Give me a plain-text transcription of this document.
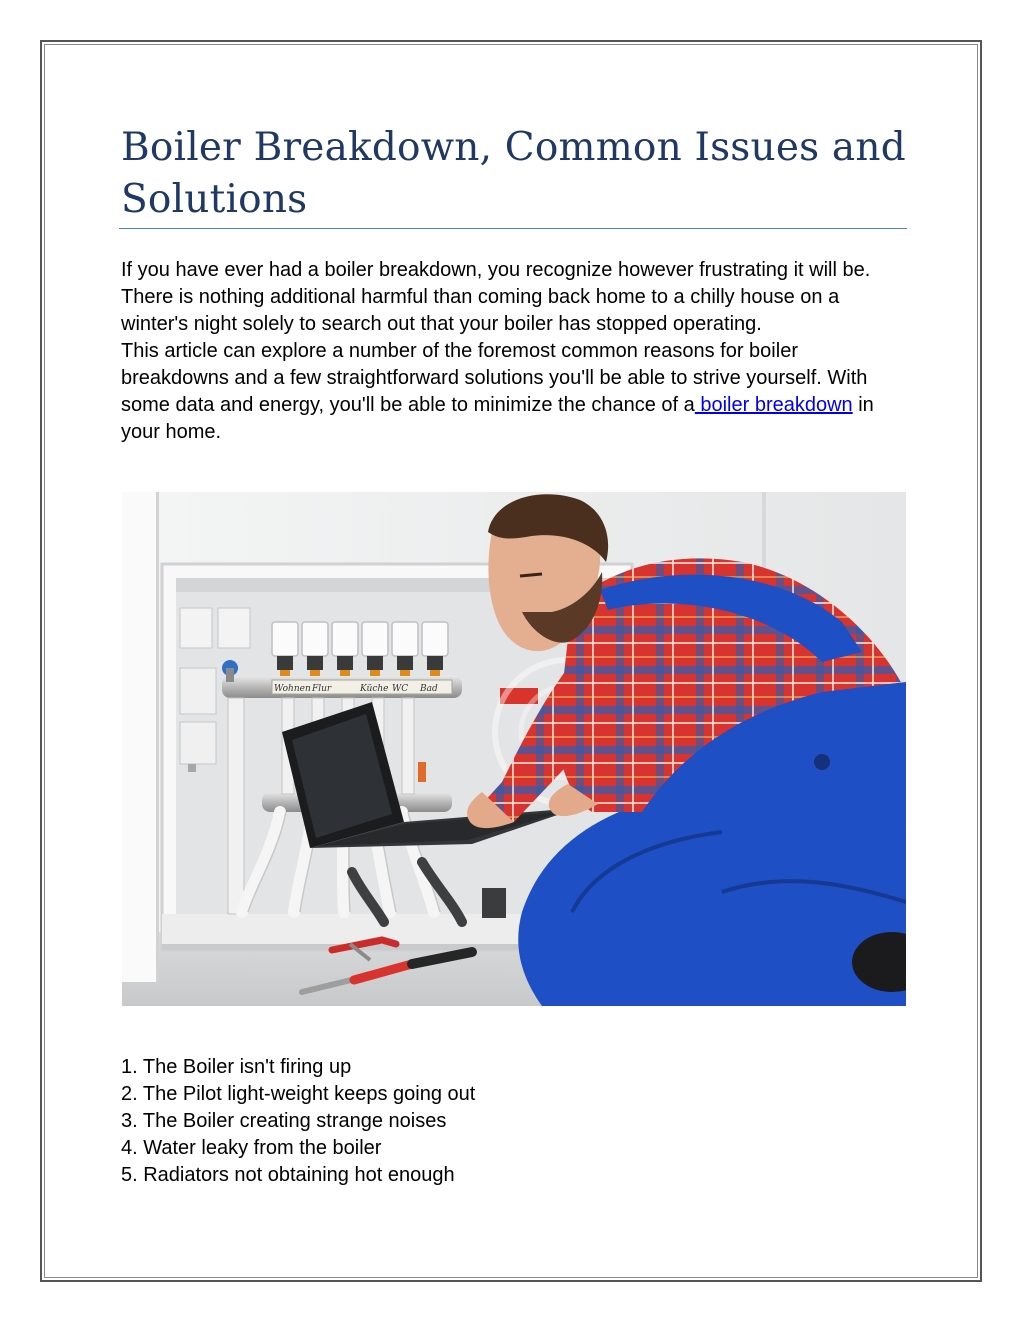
Boiler Breakdown, Common Issues and Solutions

If you have ever had a boiler breakdown, you recognize however frustrating it will be. There is nothing additional harmful than coming back home to a chilly house on a winter's night solely to search out that your boiler has stopped operating.

This article can explore a number of the foremost common reasons for boiler breakdowns and a few straightforward solutions you'll be able to strive yourself. With some data and energy, you'll be able to minimize the chance of a boiler breakdown in your home.

Wohnen Flur	Küche WC Bad
1. The Boiler isn't firing up
2. The Pilot light-weight keeps going out
3. The Boiler creating strange noises
4. Water leaky from the boiler
5. Radiators not obtaining hot enough
